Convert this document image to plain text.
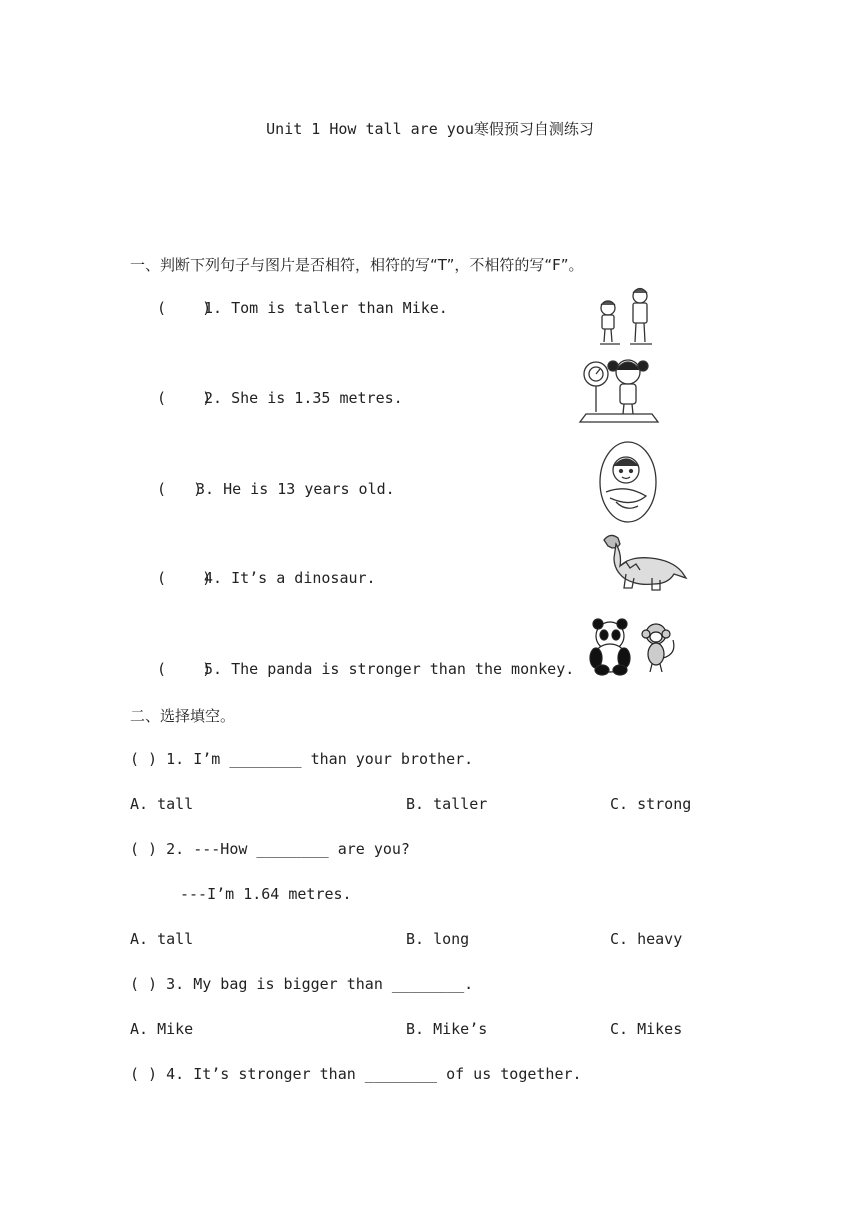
Unit 1 How tall are you寒假预习自测练习
一、判断下列句子与图片是否相符，相符的写“T”，不相符的写“F”。
(    )
1. Tom is taller than Mike.
(    )
2. She is 1.35 metres.
(   )
3. He is 13 years old.
(    )
4. It’s a dinosaur.
(    )
5. The panda is stronger than the monkey.
二、选择填空。
( ) 1. I’m ________ than your brother.
A. tall	B. taller	C. strong
( ) 2. ---How ________ are you?
---I’m 1.64 metres.
A. tall	B. long	C. heavy
( ) 3. My bag is bigger than ________.
A. Mike	B. Mike’s	C. Mikes
( ) 4. It’s stronger than ________ of us together.
